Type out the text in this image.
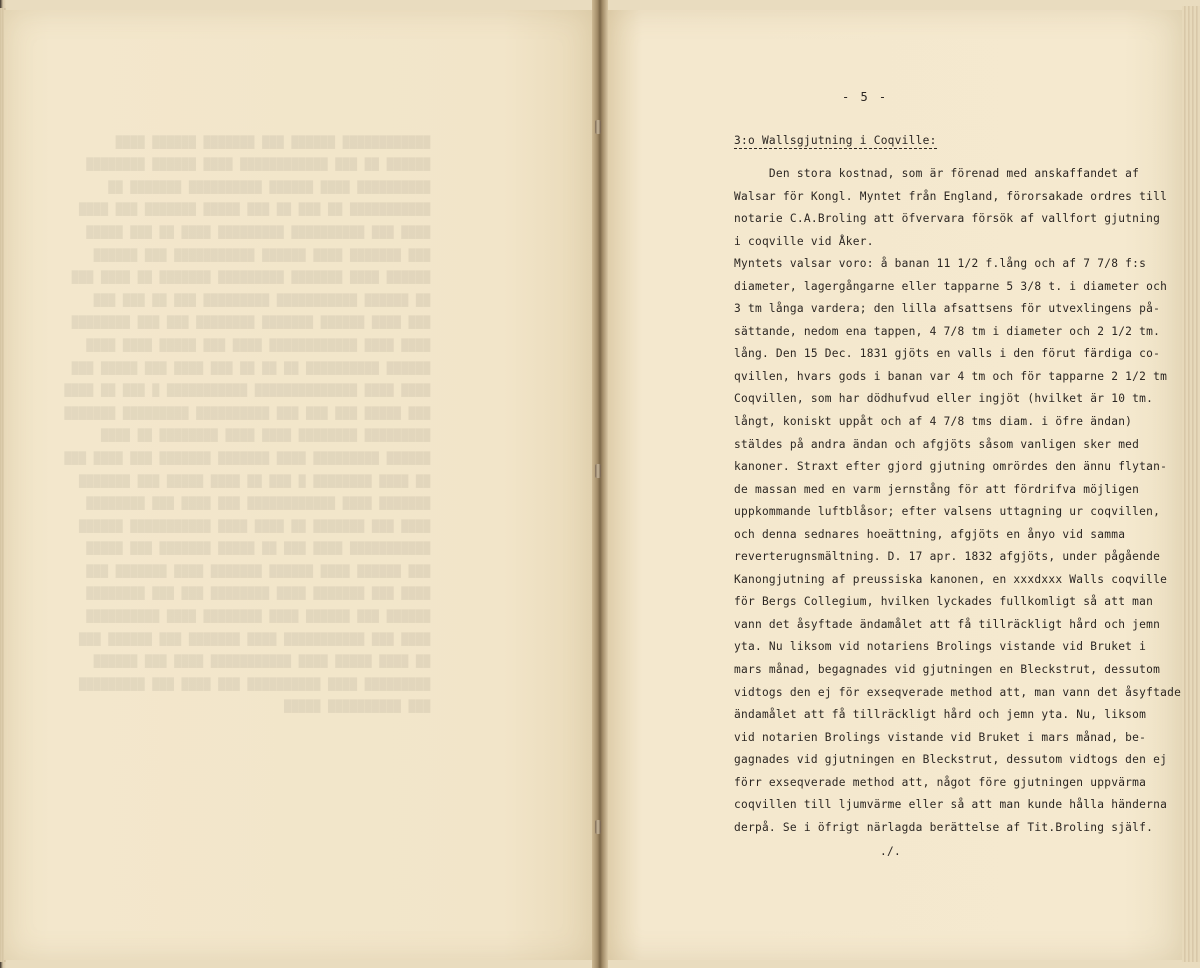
████████████ ██████ ███ ███████ ██████ ████
██████ ██ ███ ████████████ ████ ██████ ████████
██████████ ████ ██████ ██████████ ███████ ██
███████████ ██ ███ ██ ███ █████ ███████ ███ ████
████ ███ ██████████ █████████ ████ ██ ███ █████
███ ███████ ████ ██████ ███████████ ███ ██████
██████ ████ ███████ █████████ ███████ ██ ████ ███
██ ██████ ███████████ █████████ ███ ██ ███ ███
███ ████ ██████ ███████ ████████ ███ ███ ████████
████ ████ ████████████ ████ ███ █████ ████ ████
██████ ██████████ ██ ██ ██ ███ ████ ███ █████ ███
████ ████ ██████████████ ███████████ █ ███ ██ ████
███ █████ ███ ███ ███ ██████████ █████████ ███████
█████████ ████████ ████ ████ ████████ ██ ████
██████ █████████ ████ ███████ ███████ ███ ████ ███
██ ████ ████████ █ ███ ██ ████ █████ ███ ███████
███████ ████ ████████████ ███ ████ ███ ████████
████ ███ ███████ ██ ████ ████ ███████████ ██████
███████████ ████ ███ ██ █████ ███████ ███ █████
███ ██████ ████ ██████ ███████ ████ ███████ ███
████ ███ ███████ ████ ████████ ███ ███ ████████
██████ ███ ██████ ████ ████████ ████ ██████████
████ ███ ███████████ ████ ███████ ███ ██████ ███
██ ████ █████ ████ ███████████ ████ ███ ██████
█████████ ████ ██████████ ███ ████ ███ █████████
███ ██████████ █████

- 5 -
3:o Wallsgjutning i Coqville:
Den stora kostnad, som är förenad med anskaffandet af
Walsar för Kongl. Myntet från England, förorsakade ordres till
notarie C.A.Broling att öfvervara försök af vallfort gjutning
i coqville vid Åker.
Myntets valsar voro: å banan 11 1/2 f.lång och af 7 7/8 f:s
diameter, lagergångarne eller tapparne 5 3/8 t. i diameter och
3 tm långa vardera; den lilla afsattsens för utvexlingens på-
sättande, nedom ena tappen, 4 7/8 tm i diameter och 2 1/2 tm.
lång. Den 15 Dec. 1831 gjöts en valls i den förut färdiga co-
qvillen, hvars gods i banan var 4 tm och för tapparne 2 1/2 tm
Coqvillen, som har dödhufvud eller ingjöt (hvilket är 10 tm.
långt, koniskt uppåt och af 4 7/8 tms diam. i öfre ändan)
stäldes på andra ändan och afgjöts såsom vanligen sker med
kanoner. Straxt efter gjord gjutning omrördes den ännu flytan-
de massan med en varm jernstång för att fördrifva möjligen
uppkommande luftblåsor; efter valsens uttagning ur coqvillen,
och denna sednares hoeättning, afgjöts en ånyo vid samma
reverterugnsmältning. D. 17 apr. 1832 afgjöts, under pågående
Kanongjutning af preussiska kanonen, en xxxdxxx Walls coqville
för Bergs Collegium, hvilken lyckades fullkomligt så att man
vann det åsyftade ändamålet att få tillräckligt hård och jemn
yta. Nu liksom vid notariens Brolings vistande vid Bruket i
mars månad, begagnades vid gjutningen en Bleckstrut, dessutom
vidtogs den ej för exseqverade method att, man vann det åsyftade
ändamålet att få tillräckligt hård och jemn yta. Nu, liksom
vid notarien Brolings vistande vid Bruket i mars månad, be-
gagnades vid gjutningen en Bleckstrut, dessutom vidtogs den ej
förr exseqverade method att, något före gjutningen uppvärma
coqvillen till ljumvärme eller så att man kunde hålla händerna
derpå. Se i öfrigt närlagda berättelse af Tit.Broling själf.
./.
